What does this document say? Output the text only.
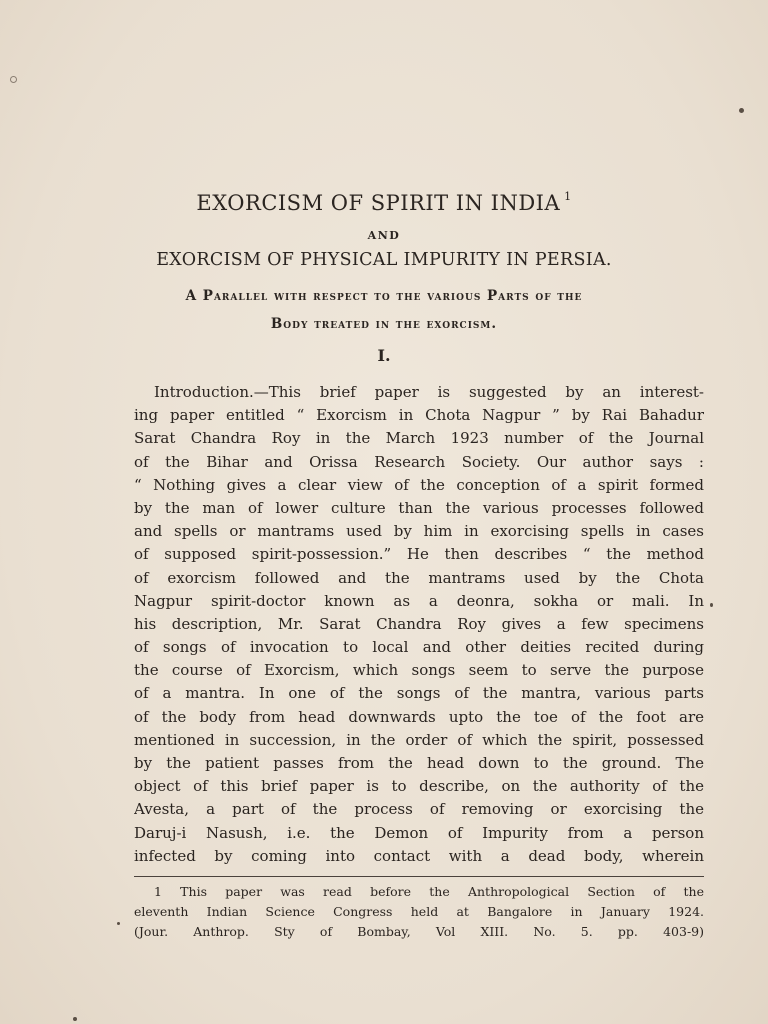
EXORCISM OF SPIRIT IN INDIA $^1$
AND
EXORCISM OF PHYSICAL IMPURITY IN PERSIA.
A Parallel with respect to the various Parts of the
Body treated in the exorcism.
I.
Introduction.—This brief paper is suggested by an interest-
ing paper entitled “ Exorcism in Chota Nagpur ” by Rai Bahadur
Sarat Chandra Roy in the March 1923 number of the Journal
of the Bihar and Orissa Research Society. Our author says :
“ Nothing gives a clear view of the conception of a spirit formed
by the man of lower culture than the various processes followed
and spells or mantrams used by him in exorcising spells in cases
of supposed spirit-possession.” He then describes “ the method
of exorcism followed and the mantrams used by the Chota
Nagpur spirit-doctor known as a deonra, sokha or mali. In
his description, Mr. Sarat Chandra Roy gives a few specimens
of songs of invocation to local and other deities recited during
the course of Exorcism, which songs seem to serve the purpose
of a mantra. In one of the songs of the mantra, various parts
of the body from head downwards upto the toe of the foot are
mentioned in succession, in the order of which the spirit, possessed
by the patient passes from the head down to the ground. The
object of this brief paper is to describe, on the authority of the
Avesta, a part of the process of removing or exorcising the
Daruj-i Nasush, i.e. the Demon of Impurity from a person
infected by coming into contact with a dead body, wherein
1 This paper was read before the Anthropological Section of the
eleventh Indian Science Congress held at Bangalore in January 1924.
(Jour. Anthrop. Sty of Bombay, Vol XIII. No. 5. pp. 403-9)
